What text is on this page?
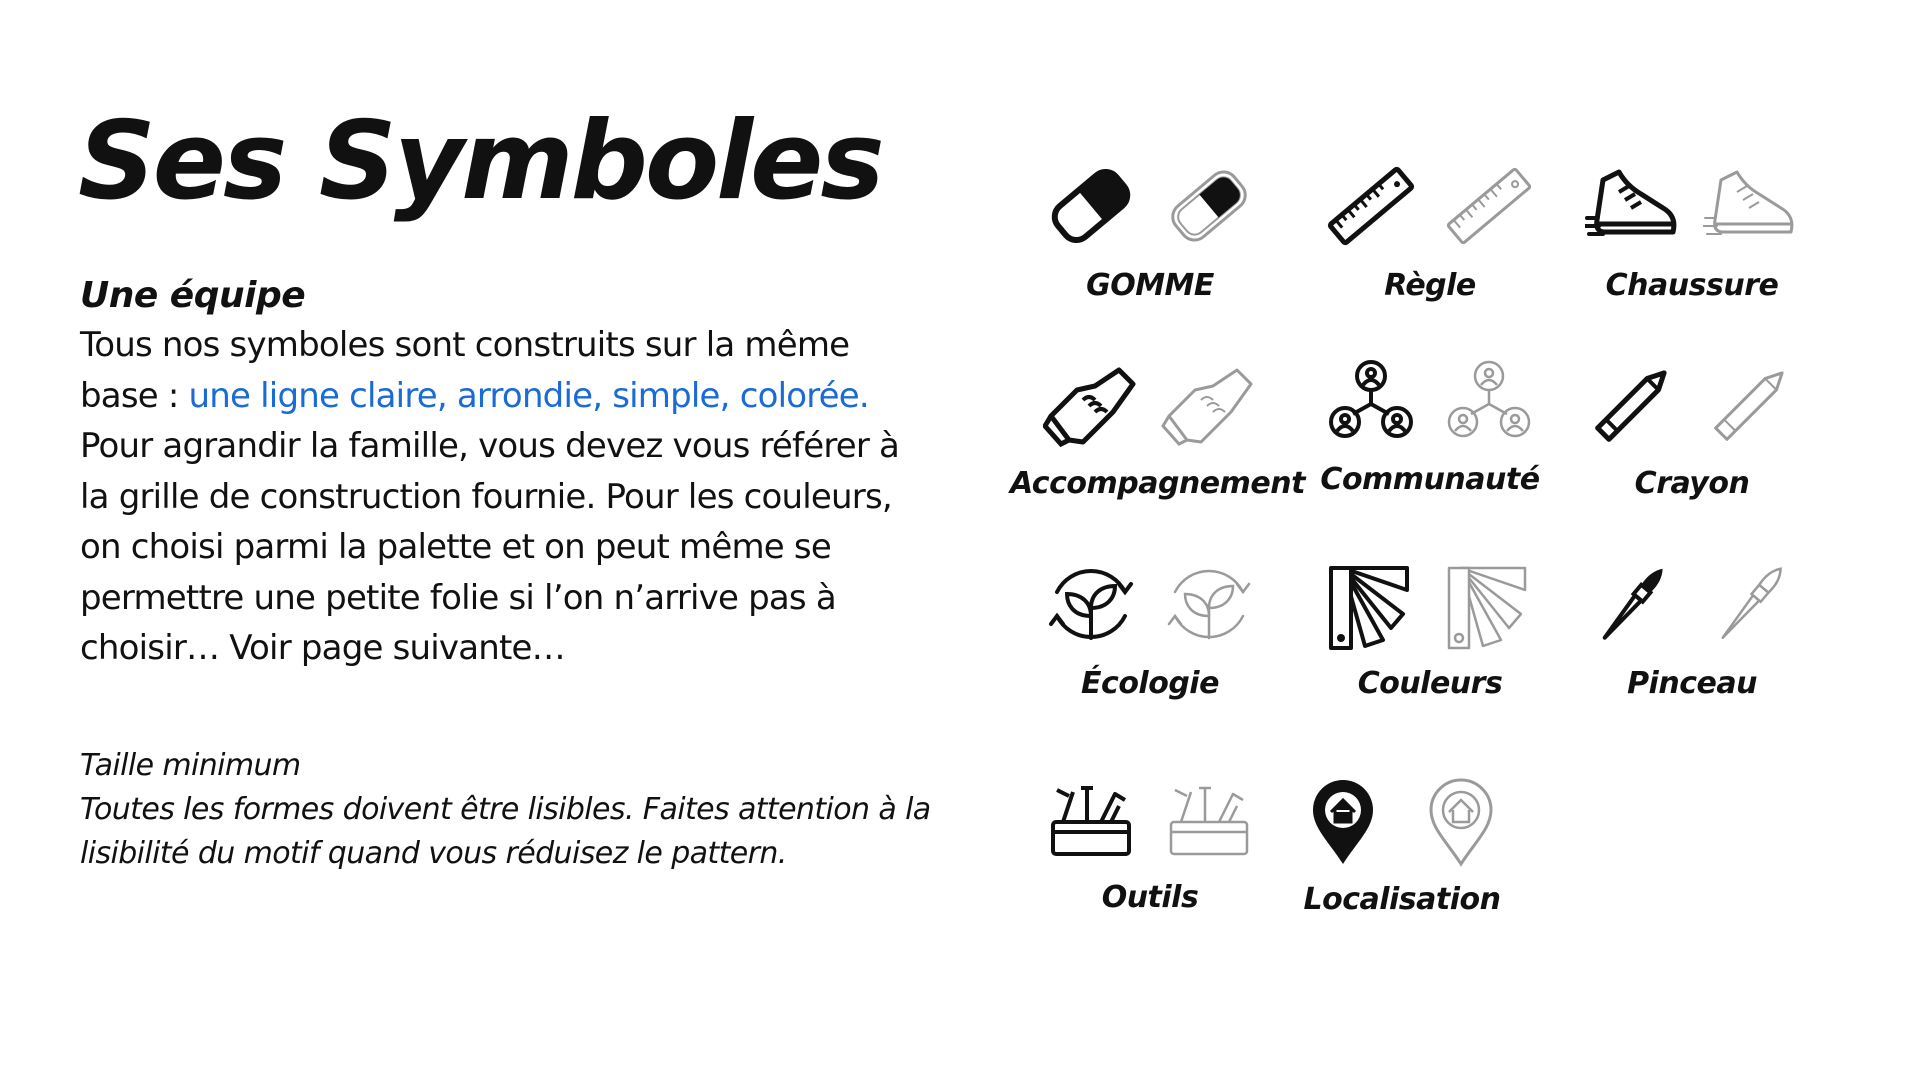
Ses Symboles
Une équipe
Tous nos symboles sont construits sur la même base : une ligne claire, arrondie, simple, colorée. Pour agrandir la famille, vous devez vous référer à la grille de construction fournie. Pour les couleurs, on choisi parmi la palette et on peut même se permettre une petite folie si l’on n’arrive pas à choisir… Voir page suivante…
Taille minimum
Toutes les formes doivent être lisibles. Faites attention à la lisibilité du motif quand vous réduisez le pattern.
GOMME	Règle	Chaussure
Accompagnement Communauté	Crayon
Écologie	Couleurs	Pinceau
Outils	Localisation
